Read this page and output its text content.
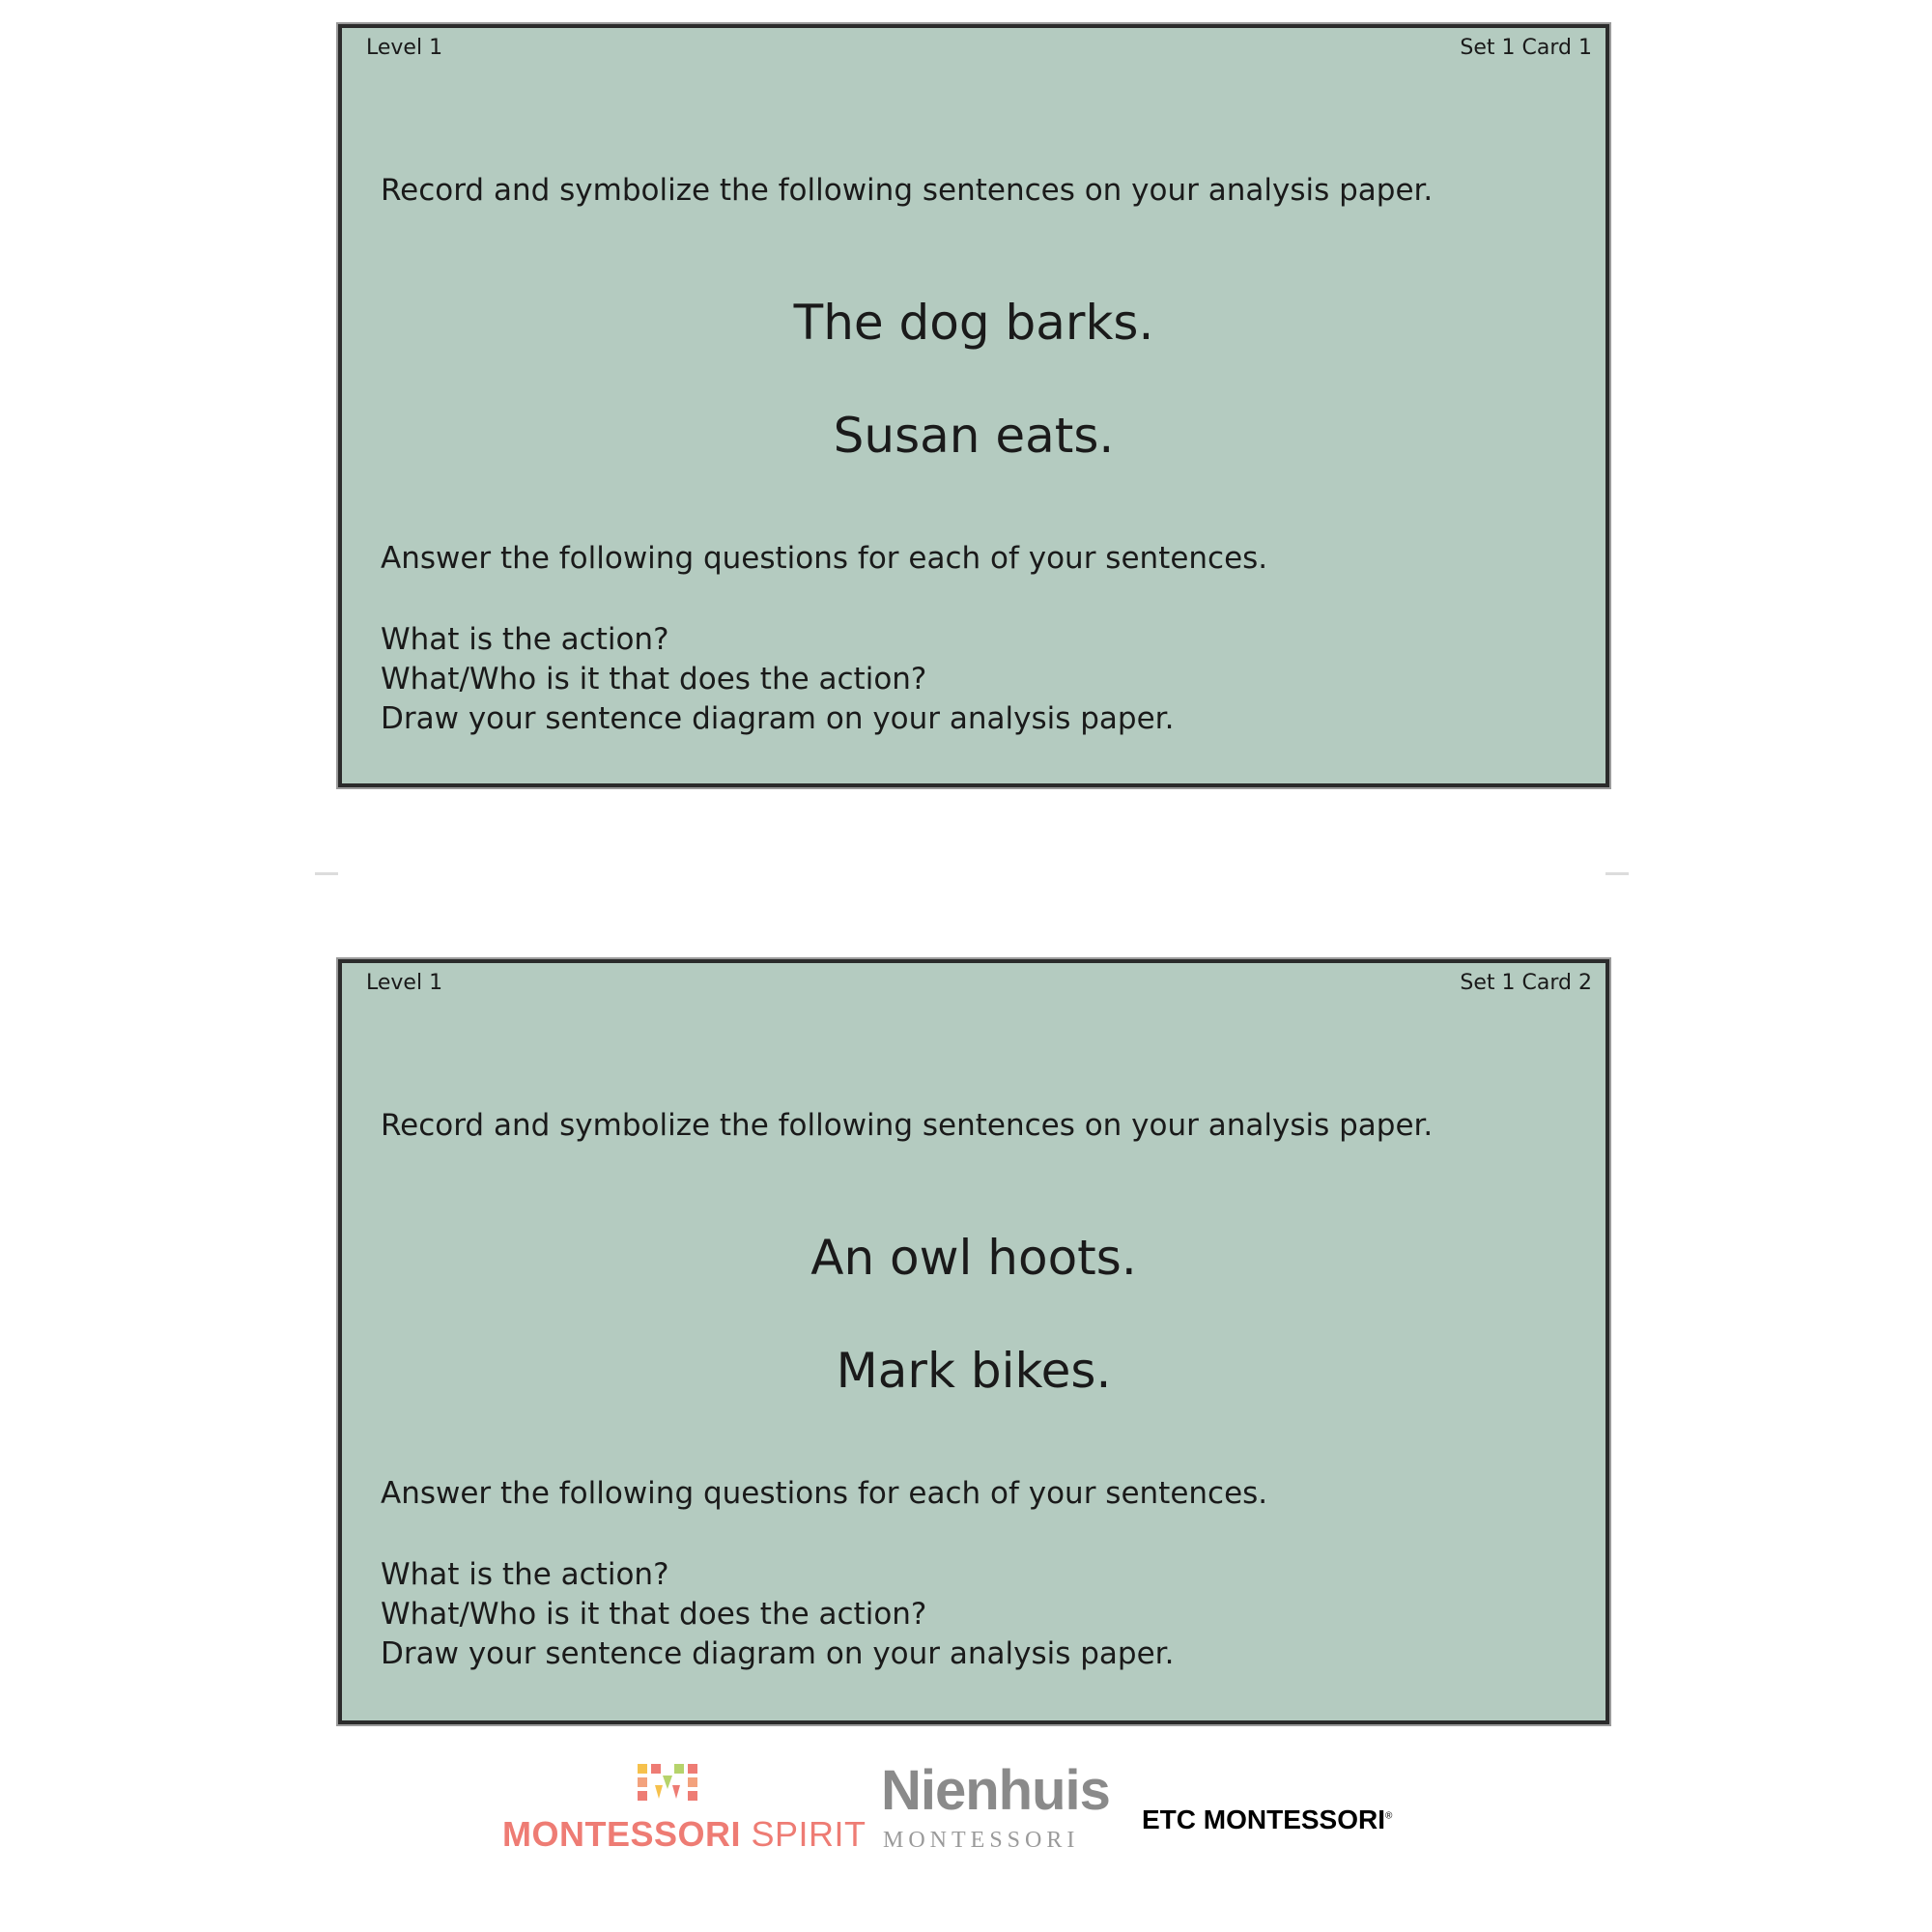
Level 1	Set 1 Card 1
Record and symbolize the following sentences on your analysis paper.
The dog barks.
Susan eats.
Answer the following questions for each of your sentences.
What is the action?
What/Who is it that does the action?
Draw your sentence diagram on your analysis paper.
Level 1	Set 1 Card 2
Record and symbolize the following sentences on your analysis paper.
An owl hoots.
Mark bikes.
Answer the following questions for each of your sentences.
What is the action?
What/Who is it that does the action?
Draw your sentence diagram on your analysis paper.
MONTESSORI SPIRIT
Nienhuis
MONTESSORI
ETC MONTESSORI®
